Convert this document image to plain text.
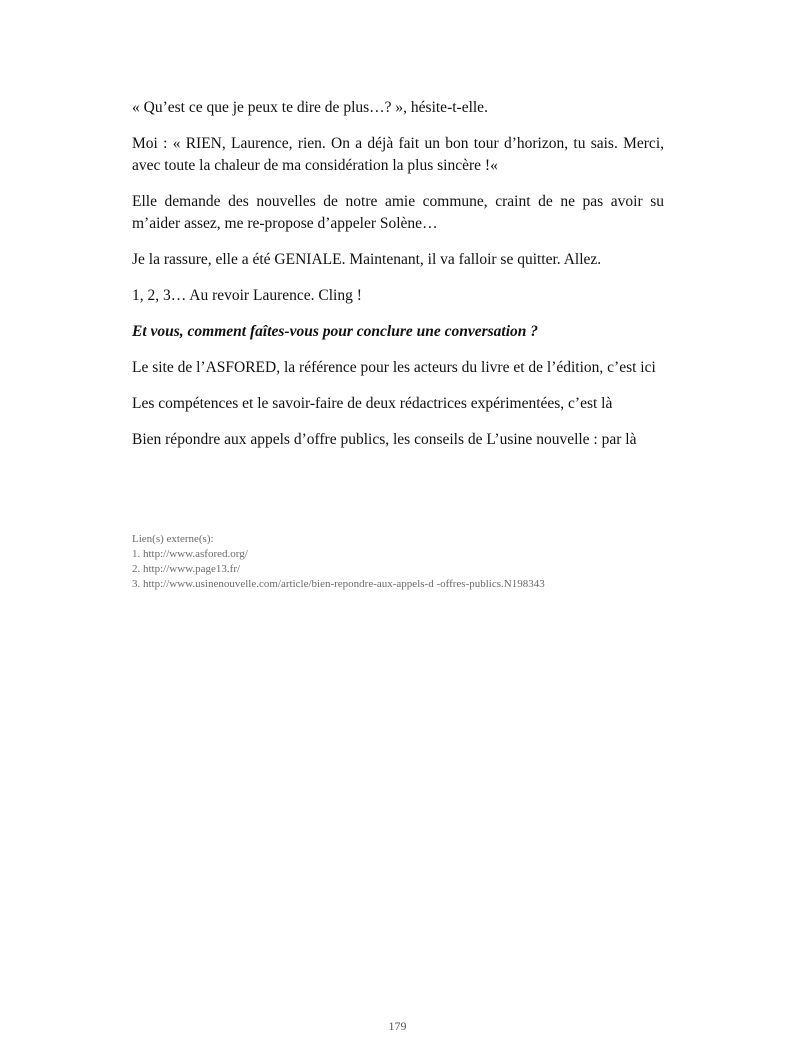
« Qu’est ce que je peux te dire de plus…? », hésite-t-elle.

Moi : « RIEN, Laurence, rien. On a déjà fait un bon tour d’horizon, tu sais. Merci, avec toute la chaleur de ma considération la plus sincère !«

Elle demande des nouvelles de notre amie commune, craint de ne pas avoir su m’aider assez, me re-propose d’appeler Solène…

Je la rassure, elle a été GENIALE. Maintenant, il va falloir se quitter. Allez.

1, 2, 3… Au revoir Laurence. Cling !

Et vous, comment faîtes-vous pour conclure une conversation ?

Le site de l’ASFORED, la référence pour les acteurs du livre et de l’édition, c’est ici

Les compétences et le savoir-faire de deux rédactrices expérimentées, c’est là

Bien répondre aux appels d’offre publics, les conseils de L’usine nouvelle : par là

Lien(s) externe(s):
1. http://www.asfored.org/
2. http://www.page13.fr/
3. http://www.usinenouvelle.com/article/bien-repondre-aux-appels-d -offres-publics.N198343
179
